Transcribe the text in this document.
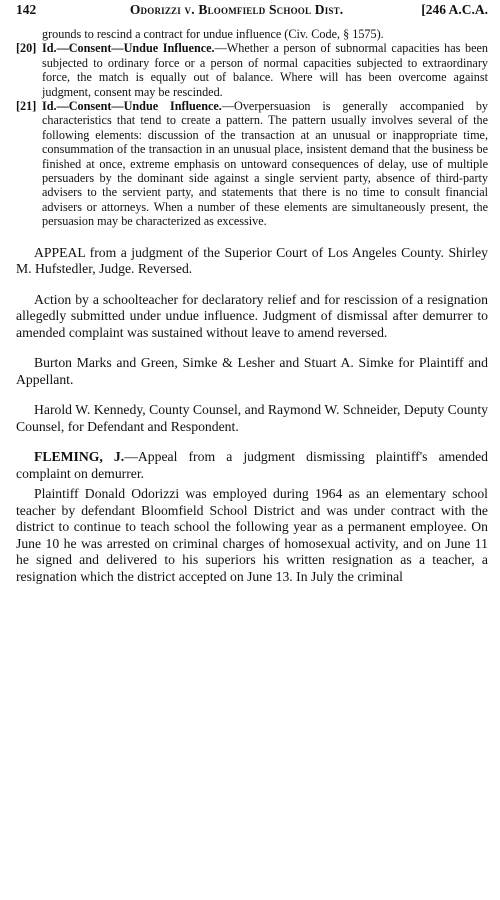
142	Odorizzi v. Bloomfield School Dist.	[246 A.C.A.
grounds to rescind a contract for undue influence (Civ. Code, § 1575).
[20] Id.—Consent—Undue Influence.—Whether a person of subnormal capacities has been subjected to ordinary force or a person of normal capacities subjected to extraordinary force, the match is equally out of balance. Where will has been overcome against judgment, consent may be rescinded.
[21] Id.—Consent—Undue Influence.—Overpersuasion is generally accompanied by characteristics that tend to create a pattern. The pattern usually involves several of the following elements: discussion of the transaction at an unusual or inappropriate time, consummation of the transaction in an unusual place, insistent demand that the business be finished at once, extreme emphasis on untoward consequences of delay, use of multiple persuaders by the dominant side against a single servient party, absence of third-party advisers to the servient party, and statements that there is no time to consult financial advisers or attorneys. When a number of these elements are simultaneously present, the persuasion may be characterized as excessive.

APPEAL from a judgment of the Superior Court of Los Angeles County. Shirley M. Hufstedler, Judge. Reversed.

Action by a schoolteacher for declaratory relief and for rescission of a resignation allegedly submitted under undue influence. Judgment of dismissal after demurrer to amended complaint was sustained without leave to amend reversed.

Burton Marks and Green, Simke & Lesher and Stuart A. Simke for Plaintiff and Appellant.

Harold W. Kennedy, County Counsel, and Raymond W. Schneider, Deputy County Counsel, for Defendant and Respondent.

FLEMING, J.—Appeal from a judgment dismissing plaintiff's amended complaint on demurrer.

Plaintiff Donald Odorizzi was employed during 1964 as an elementary school teacher by defendant Bloomfield School District and was under contract with the district to continue to teach school the following year as a permanent employee. On June 10 he was arrested on criminal charges of homosexual activity, and on June 11 he signed and delivered to his superiors his written resignation as a teacher, a resignation which the district accepted on June 13. In July the criminal
